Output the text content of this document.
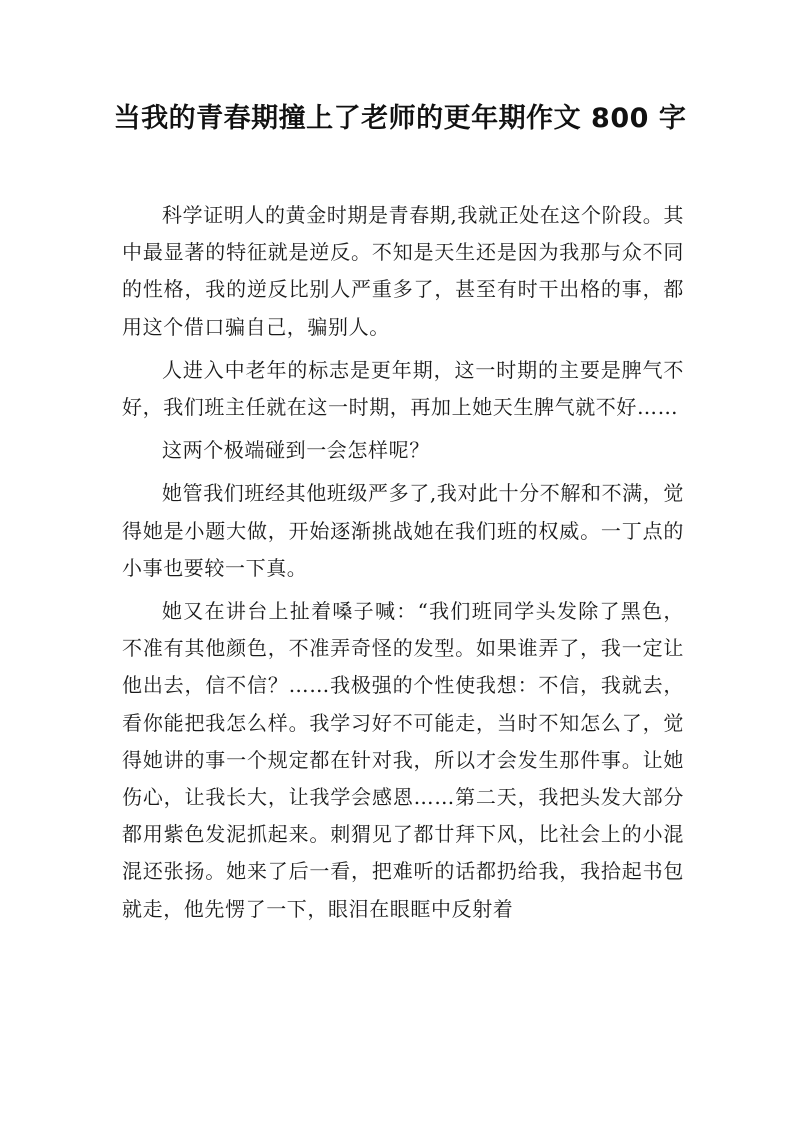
当我的青春期撞上了老师的更年期作文 800 字

科学证明人的黄金时期是青春期,我就正处在这个阶段。其中最显著的特征就是逆反。不知是天生还是因为我那与众不同的性格，我的逆反比别人严重多了，甚至有时干出格的事，都用这个借口骗自己，骗别人。

人进入中老年的标志是更年期，这一时期的主要是脾气不好，我们班主任就在这一时期，再加上她天生脾气就不好……

这两个极端碰到一会怎样呢？

她管我们班经其他班级严多了,我对此十分不解和不满，觉得她是小题大做，开始逐渐挑战她在我们班的权威。一丁点的小事也要较一下真。

她又在讲台上扯着嗓子喊：“我们班同学头发除了黑色，不准有其他颜色，不准弄奇怪的发型。如果谁弄了，我一定让他出去，信不信？……我极强的个性使我想：不信，我就去，看你能把我怎么样。我学习好不可能走，当时不知怎么了，觉得她讲的事一个规定都在针对我，所以才会发生那件事。让她伤心，让我长大，让我学会感恩……第二天，我把头发大部分都用紫色发泥抓起来。刺猬见了都廿拜下风，比社会上的小混混还张扬。她来了后一看，把难听的话都扔给我，我拾起书包就走，他先愣了一下，眼泪在眼眶中反射着
